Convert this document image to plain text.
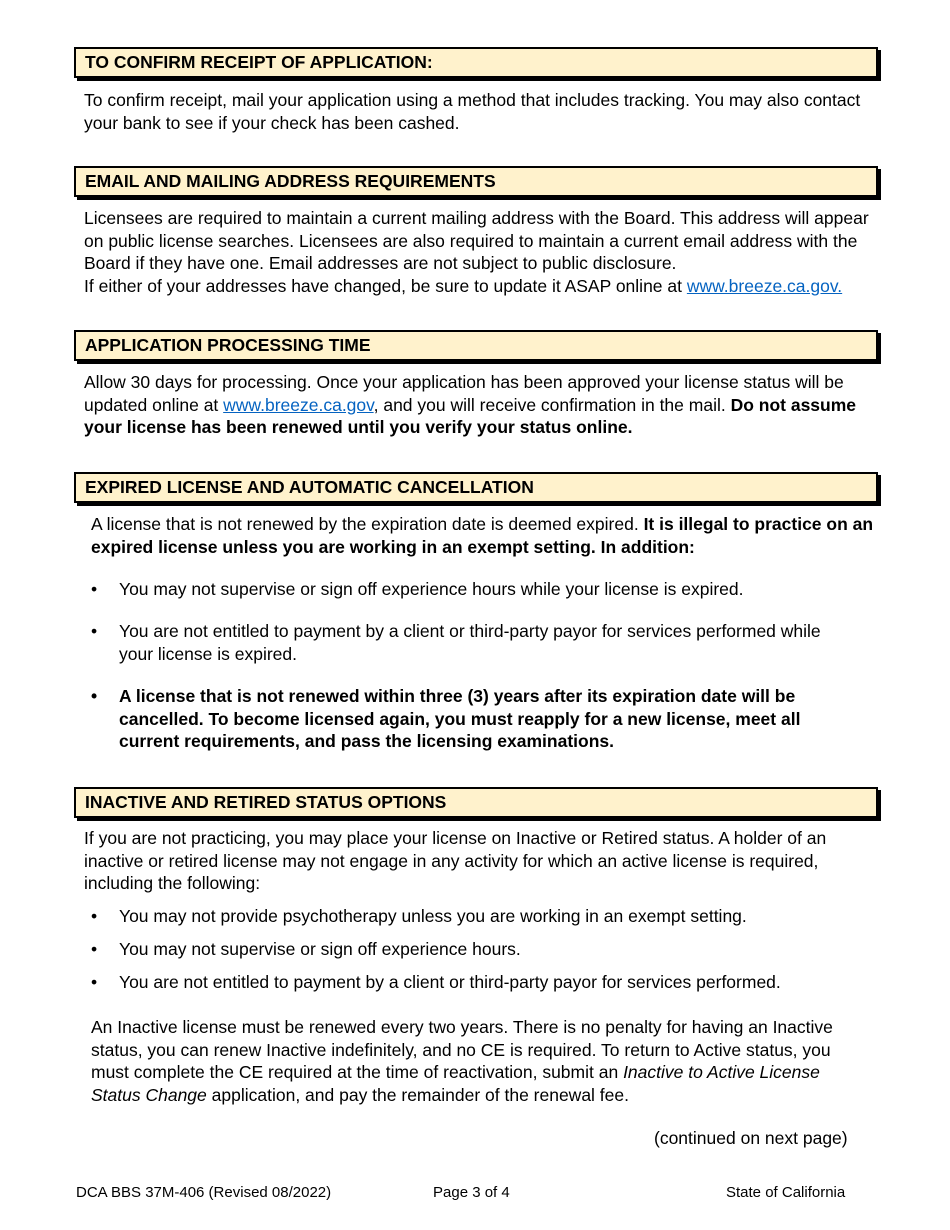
TO CONFIRM RECEIPT OF APPLICATION:

To confirm receipt, mail your application using a method that includes tracking. You may also contact your bank to see if your check has been cashed.

EMAIL AND MAILING ADDRESS REQUIREMENTS

Licensees are required to maintain a current mailing address with the Board. This address will appear on public license searches. Licensees are also required to maintain a current email address with the Board if they have one. Email addresses are not subject to public disclosure.

If either of your addresses have changed, be sure to update it ASAP online at www.breeze.ca.gov.

APPLICATION PROCESSING TIME

Allow 30 days for processing. Once your application has been approved your license status will be updated online at www.breeze.ca.gov, and you will receive confirmation in the mail. Do not assume your license has been renewed until you verify your status online.

EXPIRED LICENSE AND AUTOMATIC CANCELLATION

A license that is not renewed by the expiration date is deemed expired. It is illegal to practice on an expired license unless you are working in an exempt setting. In addition:

• You may not supervise or sign off experience hours while your license is expired.
• You are not entitled to payment by a client or third-party payor for services performed while your license is expired.
• A license that is not renewed within three (3) years after its expiration date will be cancelled. To become licensed again, you must reapply for a new license, meet all current requirements, and pass the licensing examinations.
INACTIVE AND RETIRED STATUS OPTIONS

If you are not practicing, you may place your license on Inactive or Retired status. A holder of an inactive or retired license may not engage in any activity for which an active license is required, including the following:

• You may not provide psychotherapy unless you are working in an exempt setting.
• You may not supervise or sign off experience hours.
• You are not entitled to payment by a client or third-party payor for services performed.

An Inactive license must be renewed every two years. There is no penalty for having an Inactive status, you can renew Inactive indefinitely, and no CE is required. To return to Active status, you must complete the CE required at the time of reactivation, submit an Inactive to Active License Status Change application, and pay the remainder of the renewal fee.

(continued on next page)
DCA BBS 37M-406 (Revised 08/2022)	Page 3 of 4	State of California
